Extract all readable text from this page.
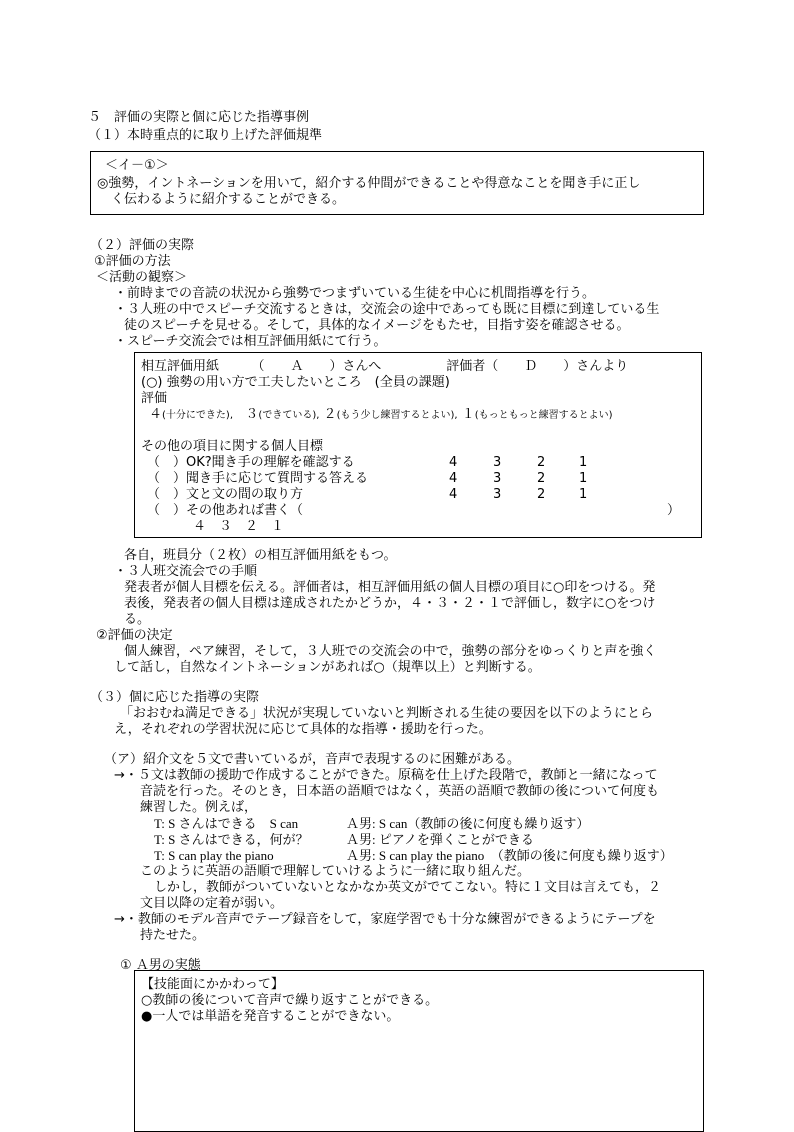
５　評価の実際と個に応じた指導事例
（１）本時重点的に取り上げた評価規準
＜イ－①＞
◎強勢，イントネーションを用いて，紹介する仲間ができることや得意なことを聞き手に正し
く伝わるように紹介することができる。
（２）評価の実際
①評価の方法
＜活動の観察＞
・前時までの音読の状況から強勢でつまずいている生徒を中心に机間指導を行う。
・３人班の中でスピーチ交流するときは，交流会の途中であっても既に目標に到達している生
徒のスピーチを見せる。そして，具体的なイメージをもたせ，目指す姿を確認させる。
・スピーチ交流会では相互評価用紙にて行う。
相互評価用紙　　　（　　Ａ　　）さんへ　　　　　評価者（　　Ｄ　　）さんより
(○) 強勢の用い方で工夫したいところ　(全員の課題)
評価
４(十分にできた), ３(できている), ２(もう少し練習するとよい), １(もっともっと練習するとよい)
その他の項目に関する個人目標
（　）OK?聞き手の理解を確認する	4	3	2	1
（　）聞き手に応じて質問する答える	4	3	2	1
（　）文と文の間の取り方	4	3	2	1
（　）その他あれば書く（	）
４　３　２　１
各自，班員分（２枚）の相互評価用紙をもつ。
・３人班交流会での手順
発表者が個人目標を伝える。評価者は，相互評価用紙の個人目標の項目に○印をつける。発
表後，発表者の個人目標は達成されたかどうか，４・３・２・１で評価し，数字に○をつけ
る。
②評価の決定
個人練習，ペア練習，そして，３人班での交流会の中で，強勢の部分をゆっくりと声を強く
して話し，自然なイントネーションがあれば○（規準以上）と判断する。
（３）個に応じた指導の実際
「おおむね満足できる」状況が実現していないと判断される生徒の要因を以下のようにとら
え，それぞれの学習状況に応じて具体的な指導・援助を行った。
（ア）紹介文を５文で書いているが，音声で表現するのに困難がある。
→・５文は教師の援助で作成することができた。原稿を仕上げた段階で，教師と一緒になって
音読を行った。そのとき，日本語の語順ではなく，英語の語順で教師の後について何度も
練習した。例えば，
T: S さんはできる　S can	Ａ男: S can（教師の後に何度も繰り返す）
T: S さんはできる，何が？	Ａ男: ピアノを弾くことができる
T: S can play the piano	Ａ男: S can play the piano　（教師の後に何度も繰り返す）
このように英語の語順で理解していけるように一緒に取り組んだ。
しかし，教師がついていないとなかなか英文がでてこない。特に１文目は言えても，２
文目以降の定着が弱い。
→・教師のモデル音声でテープ録音をして，家庭学習でも十分な練習ができるようにテープを
持たせた。
① Ａ男の実態
【技能面にかかわって】
○教師の後について音声で繰り返すことができる。
●一人では単語を発音することができない。
